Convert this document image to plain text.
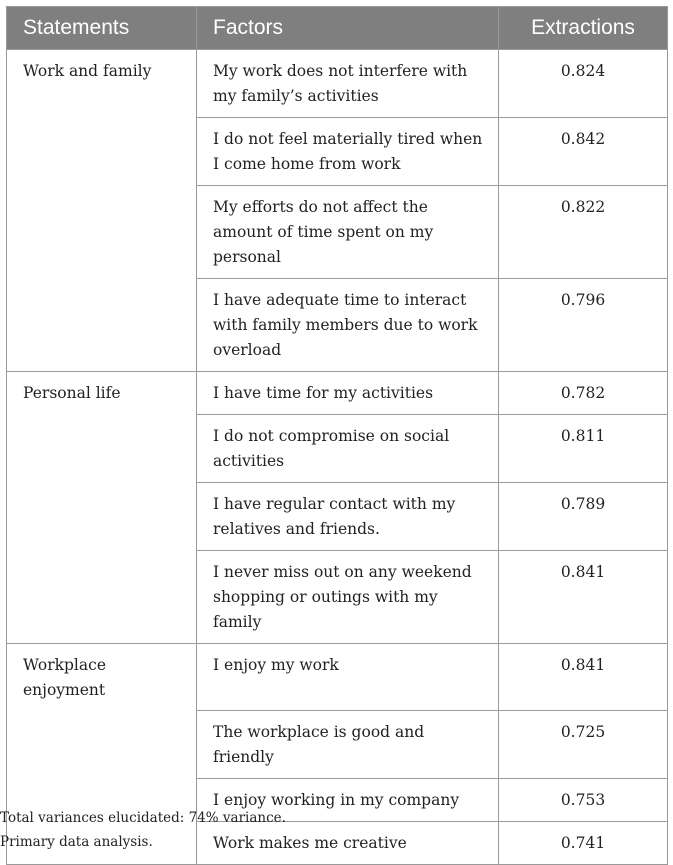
Statements	Factors	Extractions
Work and family	My work does not interfere with my family’s activities	0.824
	I do not feel materially tired when I come home from work	0.842
	My efforts do not affect the amount of time spent on my personal	0.822
	I have adequate time to interact with family members due to work overload	0.796
Personal life	I have time for my activities	0.782
	I do not compromise on social activities	0.811
	I have regular contact with my relatives and friends.	0.789
	I never miss out on any weekend shopping or outings with my family	0.841
Workplace enjoyment	I enjoy my work	0.841
	The workplace is good and friendly	0.725
	I enjoy working in my company	0.753
	Work makes me creative	0.741
Total variances elucidated: 74% variance.
Primary data analysis.
